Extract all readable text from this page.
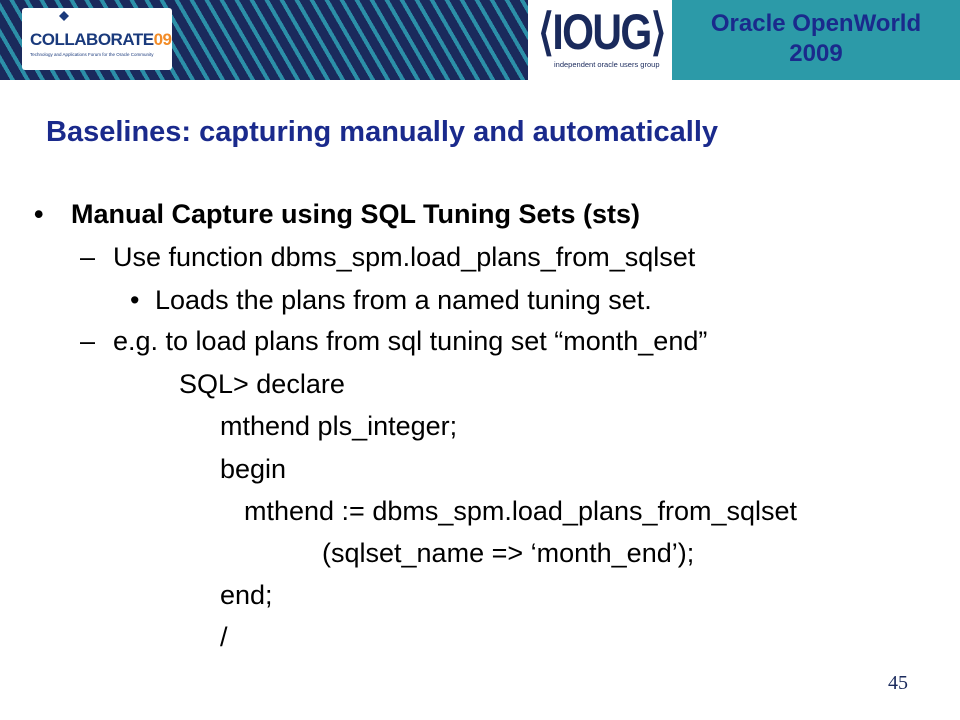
COLLABORATE09
Technology and Applications Forum for the Oracle Community	⟨IOUG⟩
independent oracle users group
Oracle OpenWorld
2009
Baselines: capturing manually and automatically
• Manual Capture using SQL Tuning Sets (sts)
– Use function dbms_spm.load_plans_from_sqlset
• Loads the plans from a named tuning set.
– e.g. to load plans from sql tuning set “month_end”
SQL> declare
mthend pls_integer;
begin
mthend := dbms_spm.load_plans_from_sqlset
(sqlset_name => ‘month_end’);
end;
/
45
